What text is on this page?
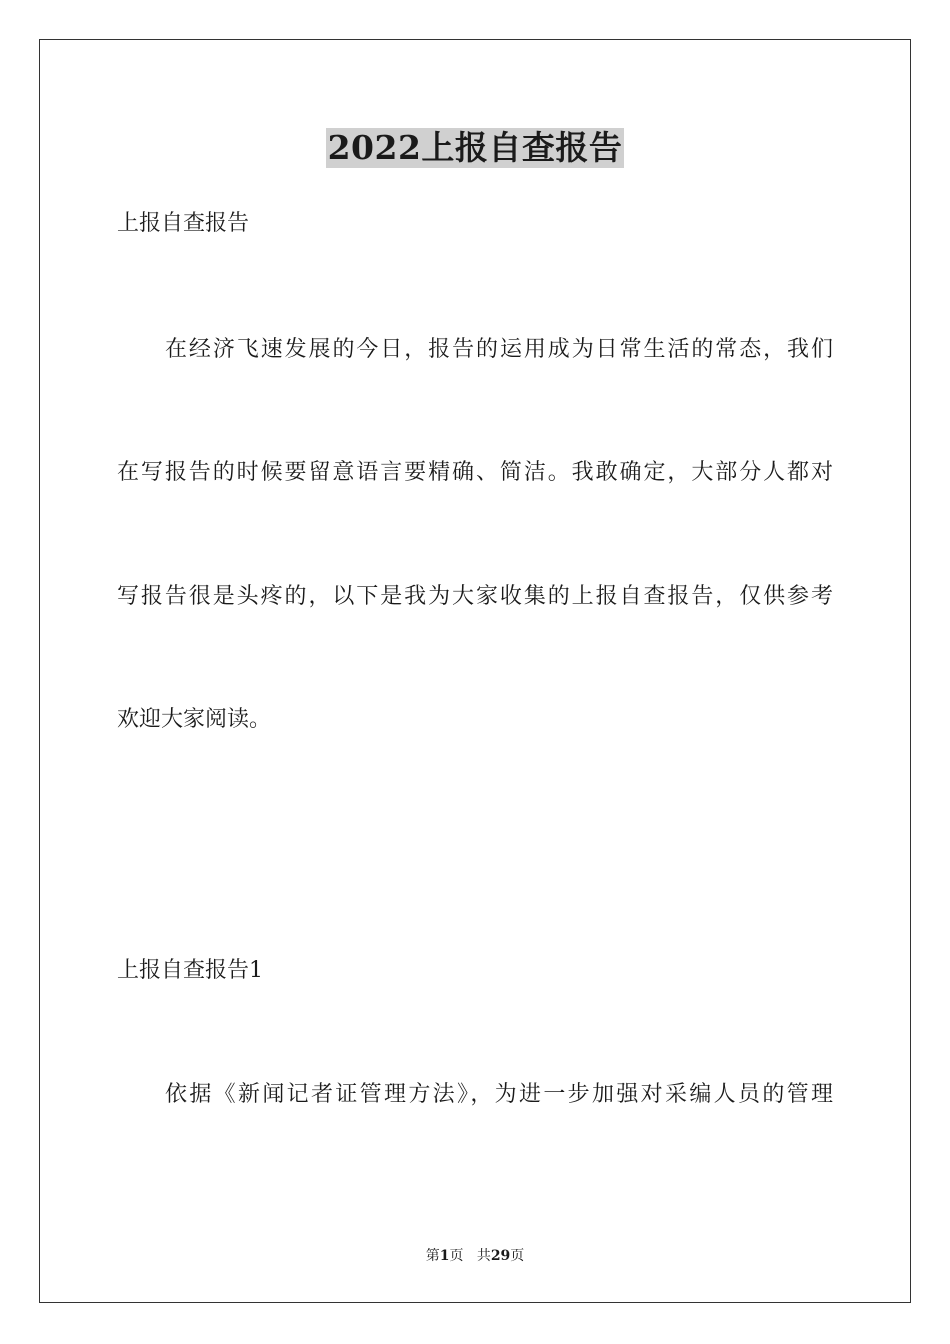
2022上报自查报告
上报自查报告
在经济飞速发展的今日，报告的运用成为日常生活的常态，我们
在写报告的时候要留意语言要精确、简洁。我敢确定，大部分人都对
写报告很是头疼的，以下是我为大家收集的上报自查报告，仅供参考
欢迎大家阅读。
上报自查报告1
依据《新闻记者证管理方法》，为进一步加强对采编人员的管理
第1页 共29页
